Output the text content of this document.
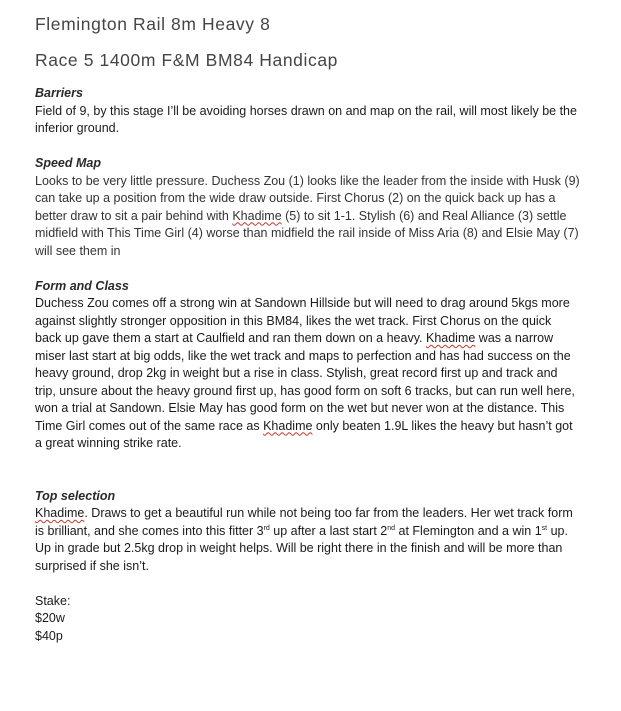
Flemington Rail 8m Heavy 8
Race 5 1400m F&M BM84 Handicap
Barriers

Field of 9, by this stage I’ll be avoiding horses drawn on and map on the rail, will most likely be the inferior ground.

Speed Map

Looks to be very little pressure. Duchess Zou (1) looks like the leader from the inside with Husk (9) can take up a position from the wide draw outside. First Chorus (2) on the quick back up has a better draw to sit a pair behind with Khadime (5) to sit 1-1. Stylish (6) and Real Alliance (3) settle midfield with This Time Girl (4) worse than midfield the rail inside of Miss Aria (8) and Elsie May (7) will see them in

Form and Class

Duchess Zou comes off a strong win at Sandown Hillside but will need to drag around 5kgs more against slightly stronger opposition in this BM84, likes the wet track. First Chorus on the quick back up gave them a start at Caulfield and ran them down on a heavy. Khadime was a narrow miser last start at big odds, like the wet track and maps to perfection and has had success on the heavy ground, drop 2kg in weight but a rise in class. Stylish, great record first up and track and trip, unsure about the heavy ground first up, has good form on soft 6 tracks, but can run well here, won a trial at Sandown. Elsie May has good form on the wet but never won at the distance. This Time Girl comes out of the same race as Khadime only beaten 1.9L likes the heavy but hasn’t got a great winning strike rate.

Top selection

Khadime. Draws to get a beautiful run while not being too far from the leaders. Her wet track form is brilliant, and she comes into this fitter 3rd up after a last start 2nd at Flemington and a win 1st up. Up in grade but 2.5kg drop in weight helps. Will be right there in the finish and will be more than surprised if she isn’t.

Stake:
$20w
$40p
